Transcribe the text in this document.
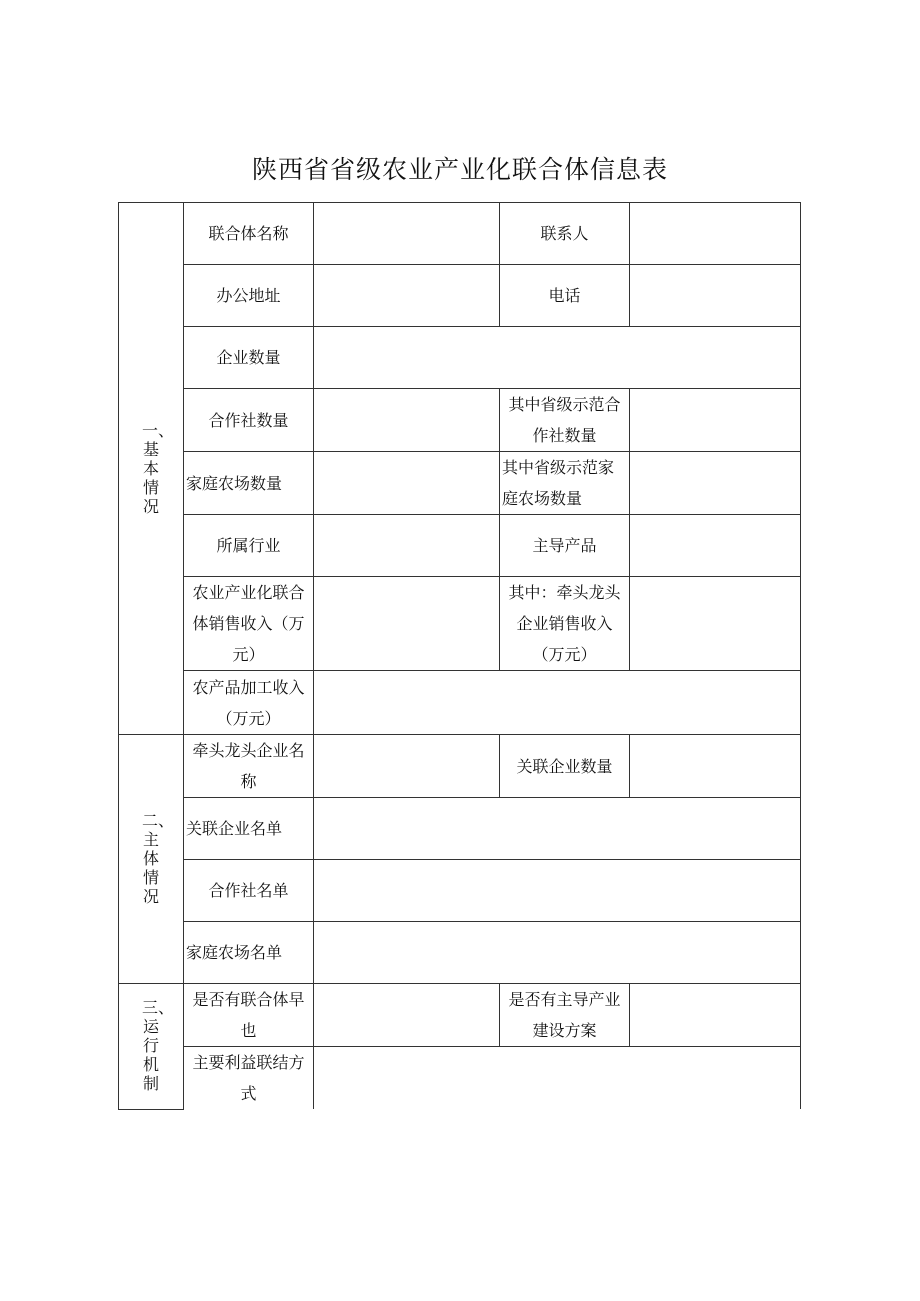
陕西省省级农业产业化联合体信息表
一、基本情况	联合体名称		联系人	
	办公地址		电话	
	企业数量			
	合作社数量		其中省级示范合作社数量	
	家庭农场数量		其中省级示范家庭农场数量	
	所属行业		主导产品	
	农业产业化联合体销售收入（万元）		其中：牵头龙头企业销售收入（万元）	
	农产品加工收入（万元）			
二、主体情况	牵头龙头企业名称		关联企业数量	
	关联企业名单			
	合作社名单			
	家庭农场名单			
三、运行机制	是否有联合体早也		是否有主导产业建设方案	
	主要利益联结方式			
